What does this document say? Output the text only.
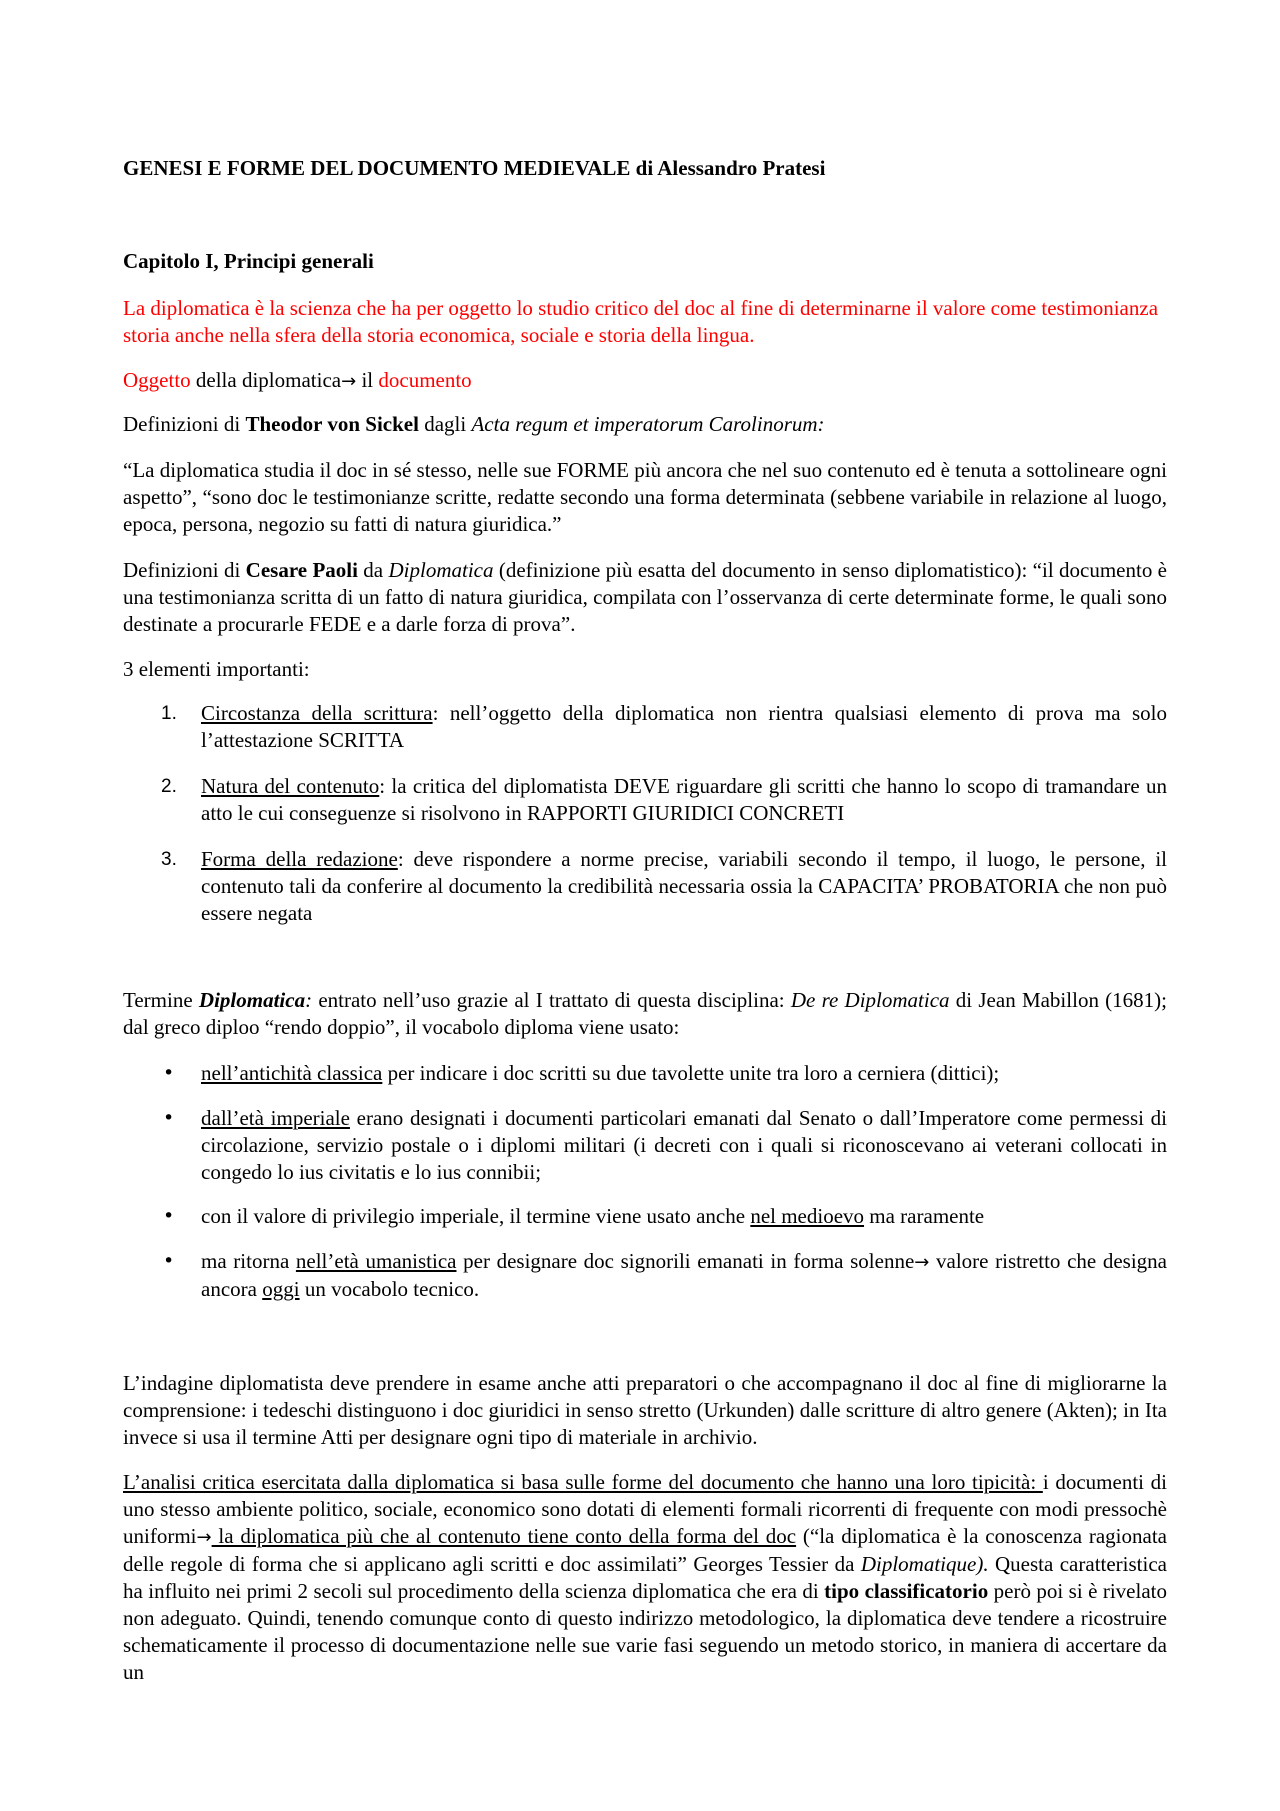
GENESI E FORME DEL DOCUMENTO MEDIEVALE di Alessandro Pratesi

Capitolo I, Principi generali

La diplomatica è la scienza che ha per oggetto lo studio critico del doc al fine di determinarne il valore come testimonianza storia anche nella sfera della storia economica, sociale e storia della lingua.

Oggetto della diplomatica→ il documento

Definizioni di Theodor von Sickel dagli Acta regum et imperatorum Carolinorum:

“La diplomatica studia il doc in sé stesso, nelle sue FORME più ancora che nel suo contenuto ed è tenuta a sottolineare ogni aspetto”, “sono doc le testimonianze scritte, redatte secondo una forma determinata (sebbene variabile in relazione al luogo, epoca, persona, negozio su fatti di natura giuridica.”

Definizioni di Cesare Paoli da Diplomatica (definizione più esatta del documento in senso diplomatistico): “il documento è una testimonianza scritta di un fatto di natura giuridica, compilata con l’osservanza di certe determinate forme, le quali sono destinate a procurarle FEDE e a darle forza di prova”.

3 elementi importanti:

1. Circostanza della scrittura: nell’oggetto della diplomatica non rientra qualsiasi elemento di prova ma solo l’attestazione SCRITTA
2. Natura del contenuto: la critica del diplomatista DEVE riguardare gli scritti che hanno lo scopo di tramandare un atto le cui conseguenze si risolvono in RAPPORTI GIURIDICI CONCRETI
3. Forma della redazione: deve rispondere a norme precise, variabili secondo il tempo, il luogo, le persone, il contenuto tali da conferire al documento la credibilità necessaria ossia la CAPACITA’ PROBATORIA che non può essere negata

Termine Diplomatica: entrato nell’uso grazie al I trattato di questa disciplina: De re Diplomatica di Jean Mabillon (1681); dal greco diploo “rendo doppio”, il vocabolo diploma viene usato:

• nell’antichità classica per indicare i doc scritti su due tavolette unite tra loro a cerniera (dittici);
• dall’età imperiale erano designati i documenti particolari emanati dal Senato o dall’Imperatore come permessi di circolazione, servizio postale o i diplomi militari (i decreti con i quali si riconoscevano ai veterani collocati in congedo lo ius civitatis e lo ius connibii;
• con il valore di privilegio imperiale, il termine viene usato anche nel medioevo ma raramente
• ma ritorna nell’età umanistica per designare doc signorili emanati in forma solenne→ valore ristretto che designa ancora oggi un vocabolo tecnico.

L’indagine diplomatista deve prendere in esame anche atti preparatori o che accompagnano il doc al fine di migliorarne la comprensione: i tedeschi distinguono i doc giuridici in senso stretto (Urkunden) dalle scritture di altro genere (Akten); in Ita invece si usa il termine Atti per designare ogni tipo di materiale in archivio.

L’analisi critica esercitata dalla diplomatica si basa sulle forme del documento che hanno una loro tipicità: i documenti di uno stesso ambiente politico, sociale, economico sono dotati di elementi formali ricorrenti di frequente con modi pressochè uniformi→ la diplomatica più che al contenuto tiene conto della forma del doc (“la diplomatica è la conoscenza ragionata delle regole di forma che si applicano agli scritti e doc assimilati” Georges Tessier da Diplomatique). Questa caratteristica ha influito nei primi 2 secoli sul procedimento della scienza diplomatica che era di tipo classificatorio però poi si è rivelato non adeguato. Quindi, tenendo comunque conto di questo indirizzo metodologico, la diplomatica deve tendere a ricostruire schematicamente il processo di documentazione nelle sue varie fasi seguendo un metodo storico, in maniera di accertare da un
